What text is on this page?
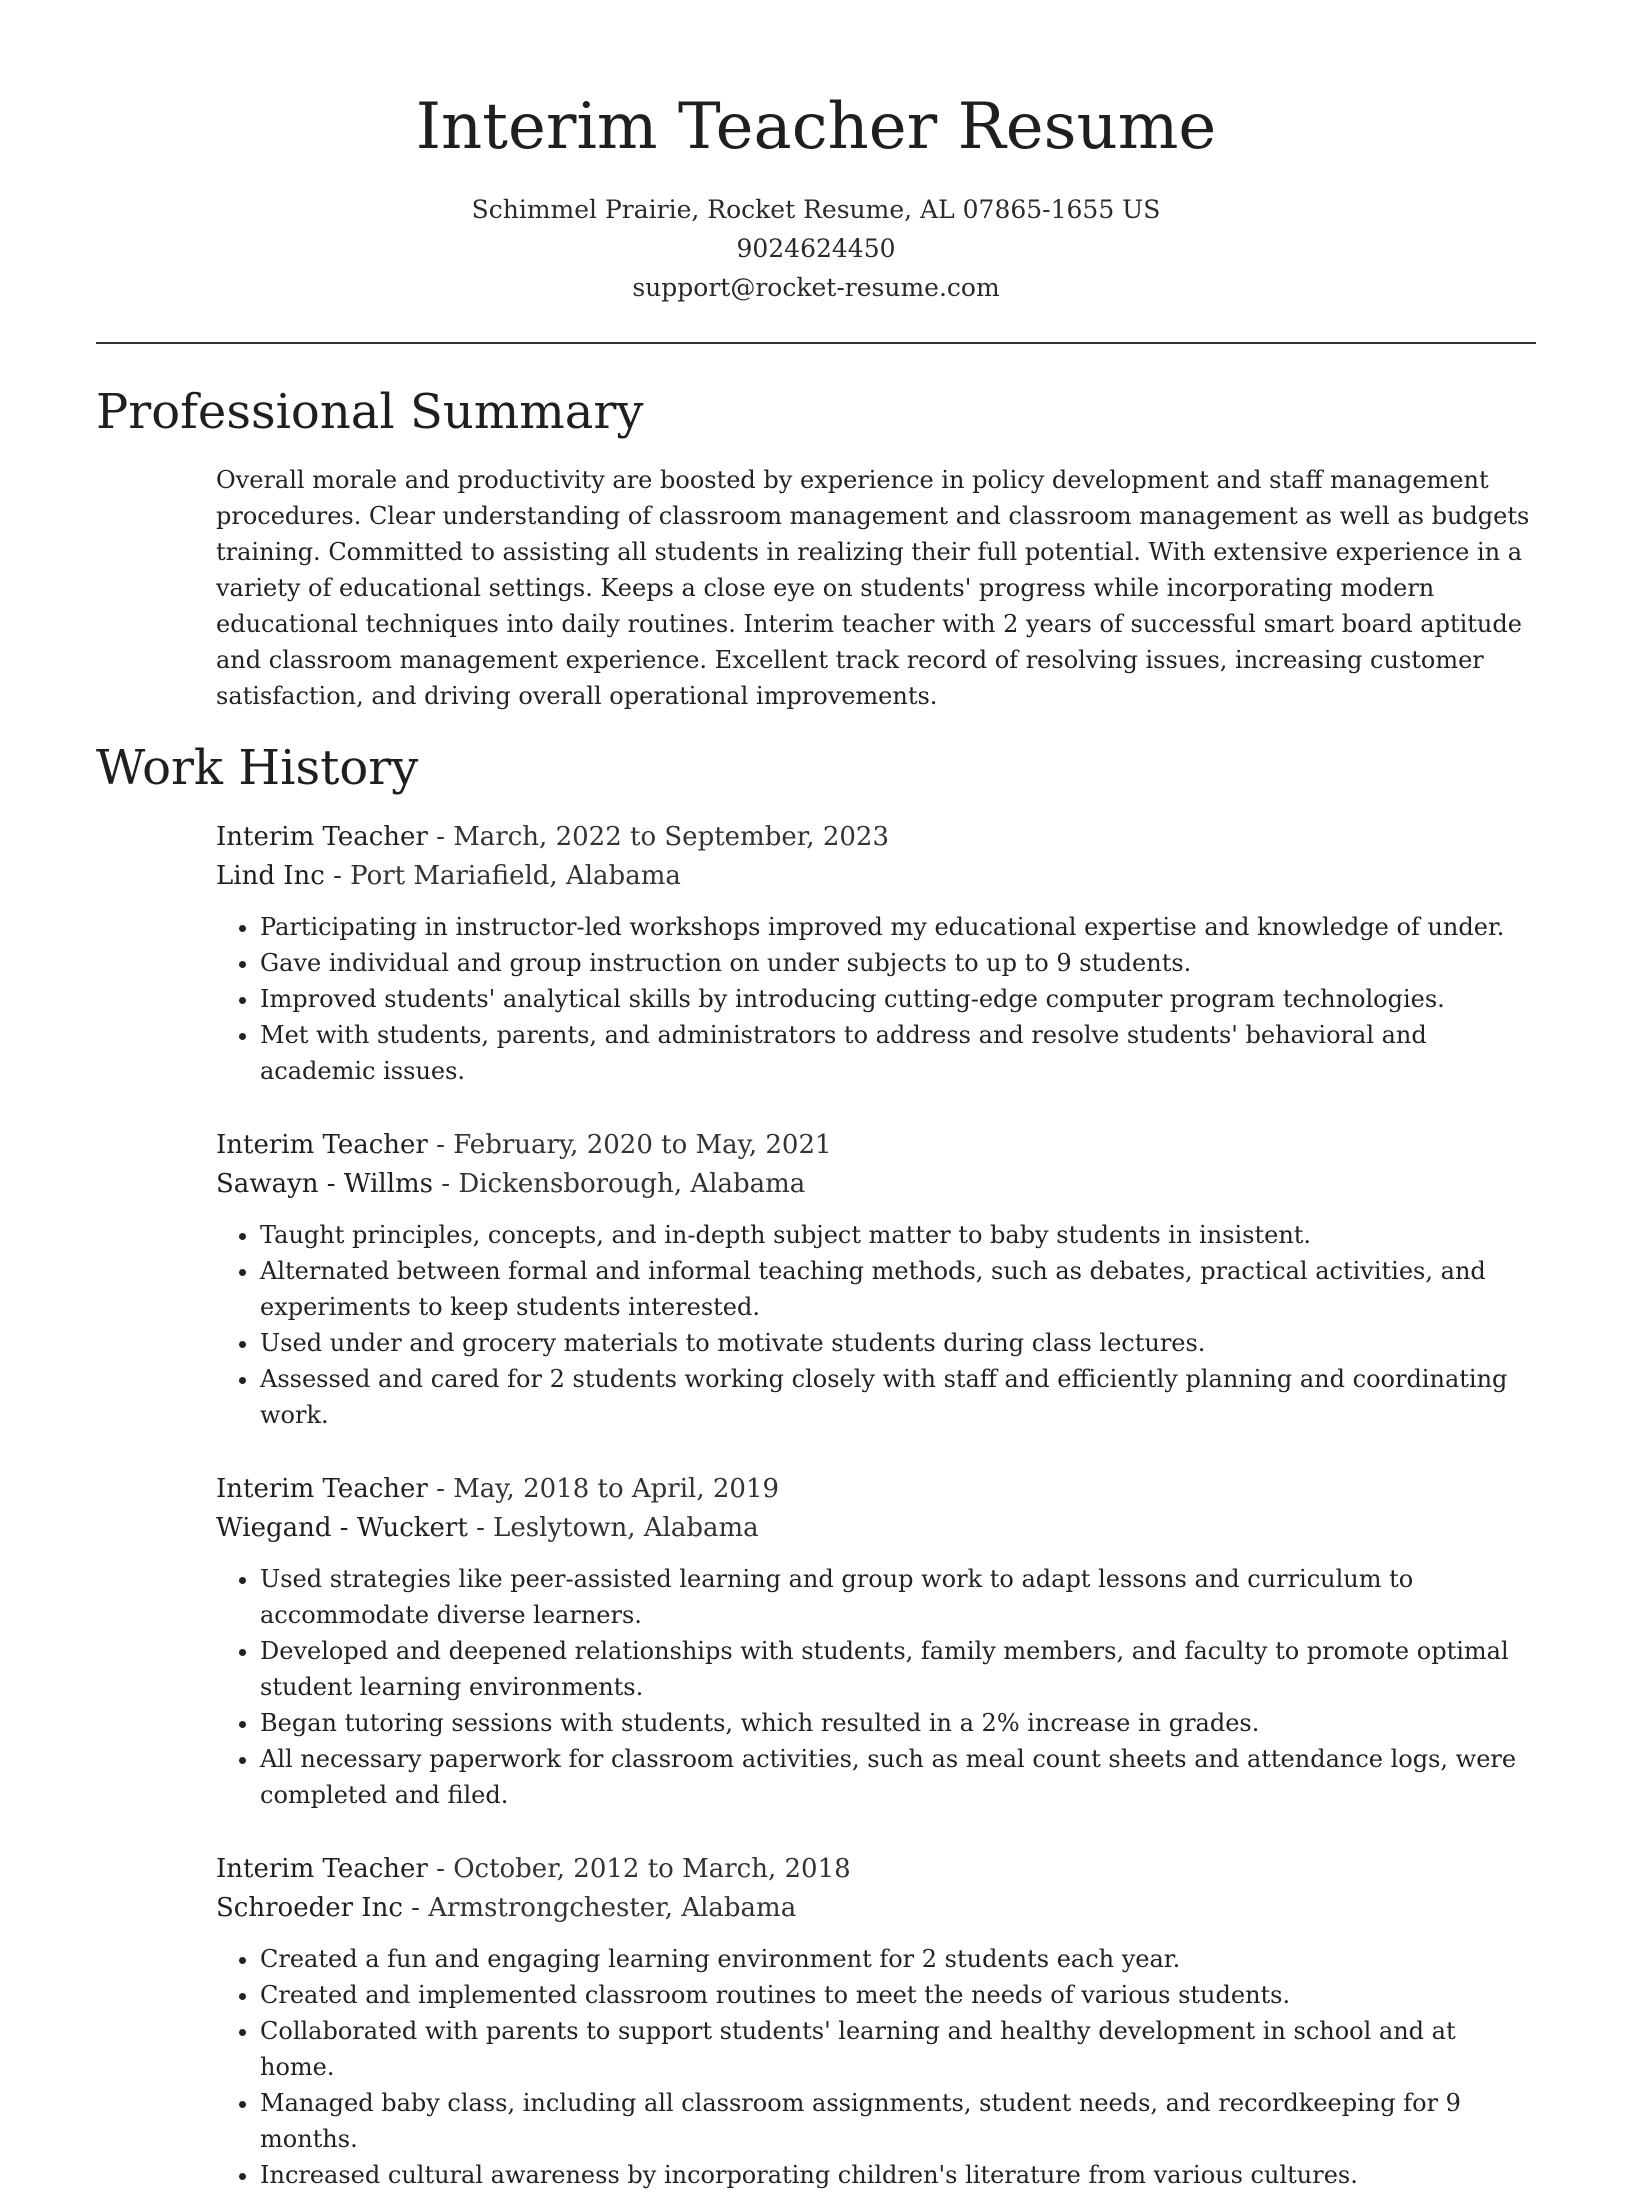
Interim Teacher Resume
Schimmel Prairie, Rocket Resume, AL 07865-1655 US
9024624450
support@rocket-resume.com
Professional Summary

Overall morale and productivity are boosted by experience in policy development and staff management procedures. Clear understanding of classroom management and classroom management as well as budgets training. Committed to assisting all students in realizing their full potential. With extensive experience in a variety of educational settings. Keeps a close eye on students' progress while incorporating modern educational techniques into daily routines. Interim teacher with 2 years of successful smart board aptitude and classroom management experience. Excellent track record of resolving issues, increasing customer satisfaction, and driving overall operational improvements.

Work History
Interim Teacher - March, 2022 to September, 2023
Lind Inc - Port Mariafield, Alabama
• Participating in instructor-led workshops improved my educational expertise and knowledge of under.
• Gave individual and group instruction on under subjects to up to 9 students.
• Improved students' analytical skills by introducing cutting-edge computer program technologies.
• Met with students, parents, and administrators to address and resolve students' behavioral and academic issues.
Interim Teacher - February, 2020 to May, 2021
Sawayn - Willms - Dickensborough, Alabama
• Taught principles, concepts, and in-depth subject matter to baby students in insistent.
• Alternated between formal and informal teaching methods, such as debates, practical activities, and experiments to keep students interested.
• Used under and grocery materials to motivate students during class lectures.
• Assessed and cared for 2 students working closely with staff and efficiently planning and coordinating work.
Interim Teacher - May, 2018 to April, 2019
Wiegand - Wuckert - Leslytown, Alabama
• Used strategies like peer-assisted learning and group work to adapt lessons and curriculum to accommodate diverse learners.
• Developed and deepened relationships with students, family members, and faculty to promote optimal student learning environments.
• Began tutoring sessions with students, which resulted in a 2% increase in grades.
• All necessary paperwork for classroom activities, such as meal count sheets and attendance logs, were completed and filed.
Interim Teacher - October, 2012 to March, 2018
Schroeder Inc - Armstrongchester, Alabama
• Created a fun and engaging learning environment for 2 students each year.
• Created and implemented classroom routines to meet the needs of various students.
• Collaborated with parents to support students' learning and healthy development in school and at home.
• Managed baby class, including all classroom assignments, student needs, and recordkeeping for 9 months.
• Increased cultural awareness by incorporating children's literature from various cultures.
